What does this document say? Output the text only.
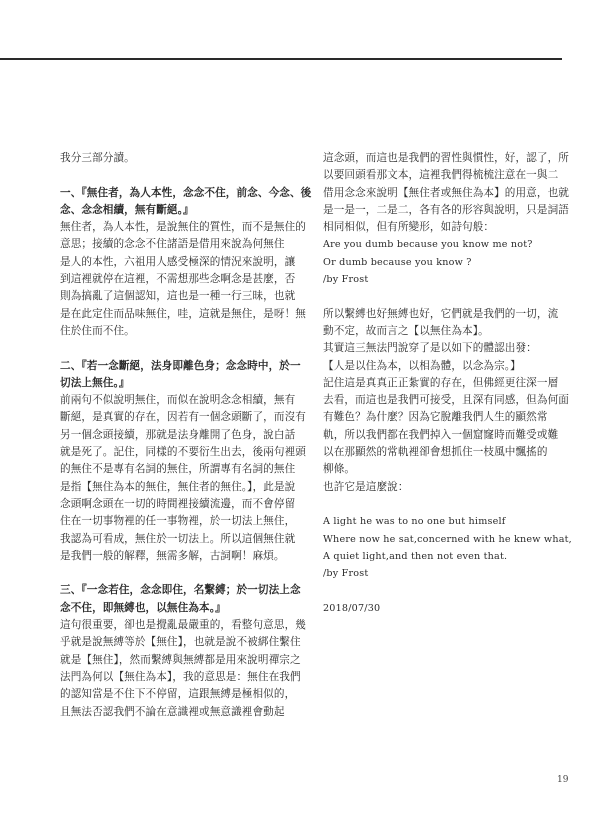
我分三部分讀。
一、『無住者，為人本性，念念不住，前念、今念、後
念、念念相續，無有斷絕。』
無住者，為人本性，是說無住的質性，而不是無住的
意思；接續的念念不住諸語是借用來說為何無住
是人的本性，六祖用人感受極深的情況來說明，讓
到這裡就停在這裡，不需想那些念啊念是甚麼，否
則為搞亂了這個認知，這也是一種一行三昧，也就
是在此定住而品味無住，哇，這就是無住，是呀！無
住於住而不住。
二、『若一念斷絕，法身即離色身；念念時中，於一
切法上無住。』
前兩句不似說明無住，而似在說明念念相續，無有
斷絕，是真實的存在，因若有一個念頭斷了，而沒有
另一個念頭接續，那就是法身離開了色身，說白話
就是死了。記住，同樣的不要衍生出去，後兩句裡頭
的無住不是專有名詞的無住，所謂專有名詞的無住
是指【無住為本的無住，無住者的無住。】，此是說
念頭啊念頭在一切的時間裡接續流邊，而不會停留
住在一切事物裡的任一事物裡，於一切法上無住，
我認為可看成，無住於一切法上。所以這個無住就
是我們一般的解釋，無需多解，古詞啊！麻煩。
三、『一念若住，念念即住，名繫縛；於一切法上念
念不住，即無縛也，以無住為本。』
這句很重要，卻也是攪亂最嚴重的，看整句意思，幾
乎就是說無縛等於【無住】，也就是說不被綁住繫住
就是【無住】，然而繫縛與無縛都是用來說明禪宗之
法門為何以【無住為本】，我的意思是：無住在我們
的認知當是不住下不停留，這跟無縛是極相似的，
且無法否認我們不論在意識裡或無意識裡會動起
這念頭，而這也是我們的習性與慣性，好，認了，所
以要回頭看那文本，這裡我們得梳梳注意在一與二
借用念念來說明【無住者或無住為本】的用意，也就
是一是一，二是二，各有各的形容與說明，只是詞語
相同相似，但有所變形，如詩句般：
Are you dumb because you know me not?
Or dumb because you know ?
/by Frost
所以繫縛也好無縛也好，它們就是我們的一切，流
動不定，故而言之【以無住為本】。
其實這三無法門說穿了是以如下的體認出發：
【人是以住為本，以相為體，以念為宗。】
記住這是真真正正紮實的存在，但佛經更往深一層
去看，而這也是我們可接受，且深有同感，但為何面
有難色？為什麼？因為它脫離我們人生的顯然常
軌，所以我們都在我們掉入一個窟窿時而難受或難
以在那顯然的常軌裡卻會想抓住一枝風中飄搖的
柳條。
也許它是這麼說：
A light he was to no one but himself
Where now he sat,concerned with he knew what,
A quiet light,and then not even that.
/by Frost
2018/07/30
19
